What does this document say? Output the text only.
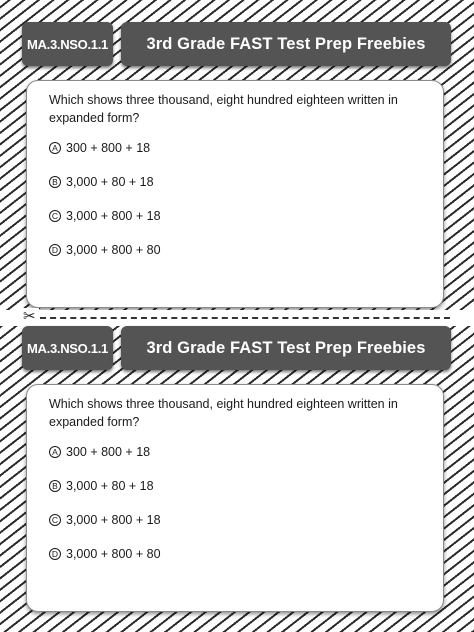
MA.3.NSO.1.1	3rd Grade FAST Test Prep Freebies

Which shows three thousand, eight hundred eighteen written in expanded form?

A 300 + 800 + 18
B 3,000 + 80 + 18
C 3,000 + 800 + 18
D 3,000 + 800 + 80
✂
MA.3.NSO.1.1	3rd Grade FAST Test Prep Freebies

Which shows three thousand, eight hundred eighteen written in expanded form?

A 300 + 800 + 18
B 3,000 + 80 + 18
C 3,000 + 800 + 18
D 3,000 + 800 + 80
